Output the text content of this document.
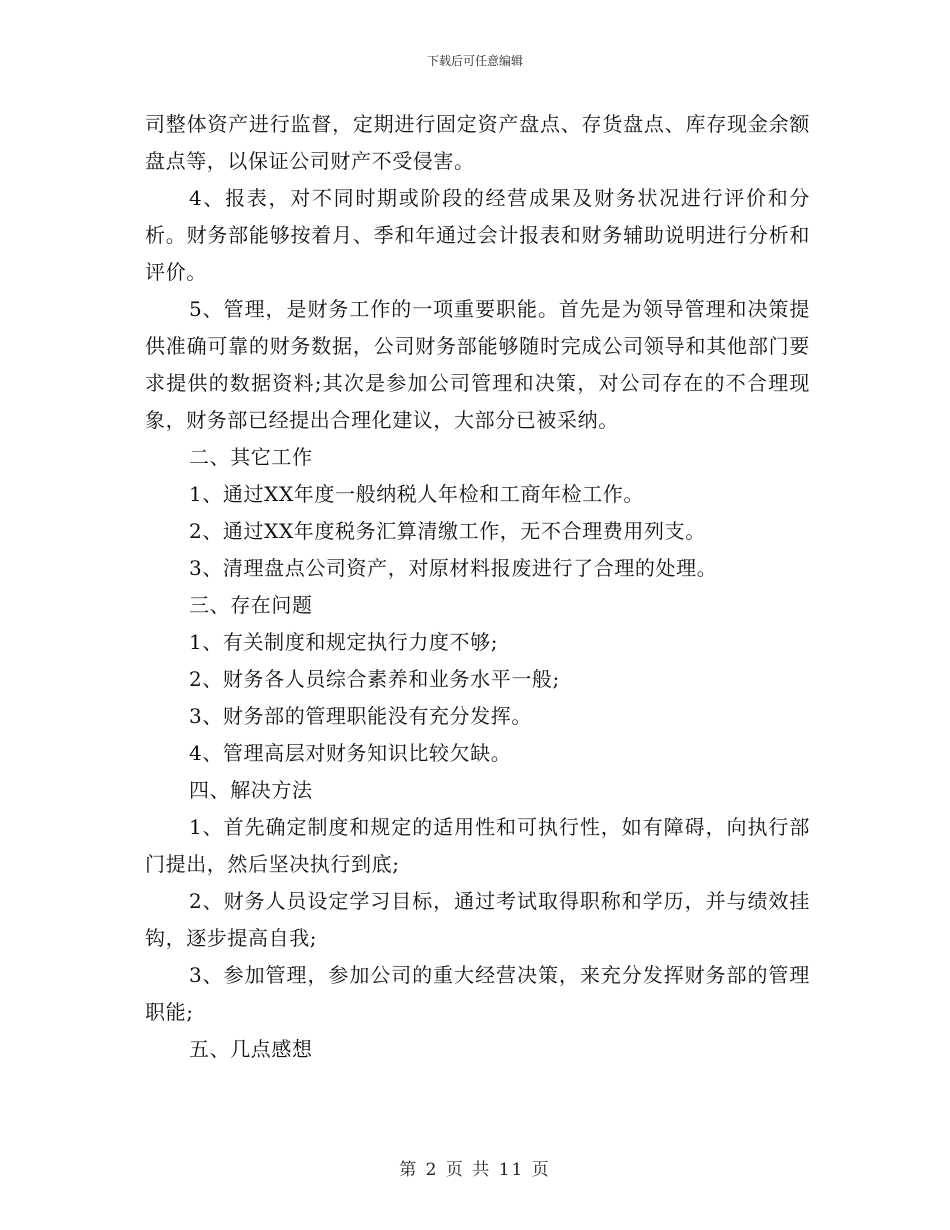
下载后可任意编辑

司整体资产进行监督，定期进行固定资产盘点、存货盘点、库存现金余额盘点等，以保证公司财产不受侵害。

4、报表，对不同时期或阶段的经营成果及财务状况进行评价和分析。财务部能够按着月、季和年通过会计报表和财务辅助说明进行分析和评价。

5、管理，是财务工作的一项重要职能。首先是为领导管理和决策提供准确可靠的财务数据，公司财务部能够随时完成公司领导和其他部门要求提供的数据资料;其次是参加公司管理和决策，对公司存在的不合理现象，财务部已经提出合理化建议，大部分已被采纳。

二、其它工作

1、通过XX年度一般纳税人年检和工商年检工作。

2、通过XX年度税务汇算清缴工作，无不合理费用列支。

3、清理盘点公司资产，对原材料报废进行了合理的处理。

三、存在问题

1、有关制度和规定执行力度不够;

2、财务各人员综合素养和业务水平一般;

3、财务部的管理职能没有充分发挥。

4、管理高层对财务知识比较欠缺。

四、解决方法

1、首先确定制度和规定的适用性和可执行性，如有障碍，向执行部门提出，然后坚决执行到底;

2、财务人员设定学习目标，通过考试取得职称和学历，并与绩效挂钩，逐步提高自我;

3、参加管理，参加公司的重大经营决策，来充分发挥财务部的管理职能;

五、几点感想

第 2 页 共 11 页
